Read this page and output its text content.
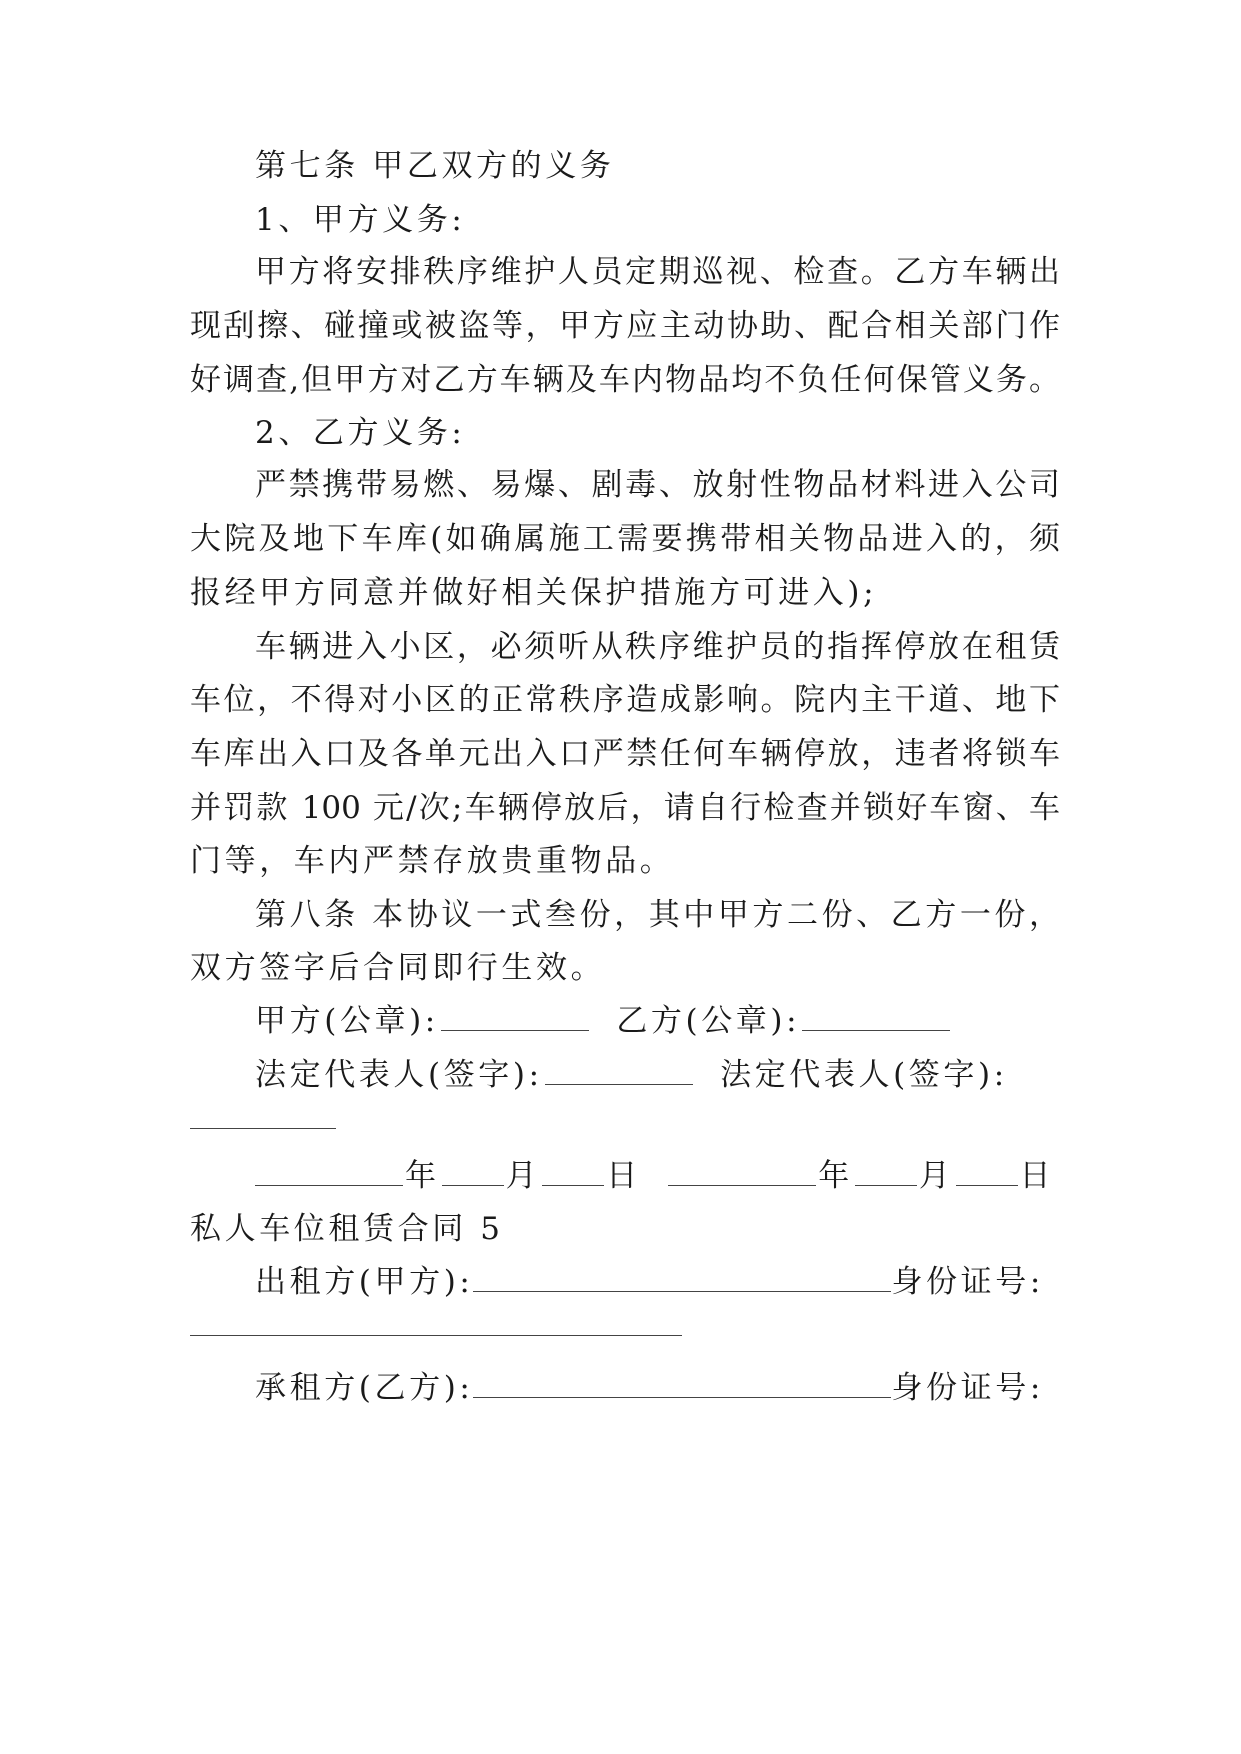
第七条 甲乙双方的义务
1、甲方义务:
甲方将安排秩序维护人员定期巡视、检查。乙方车辆出
现刮擦、碰撞或被盗等，甲方应主动协助、配合相关部门作
好调查,但甲方对乙方车辆及车内物品均不负任何保管义务。
2、乙方义务:
严禁携带易燃、易爆、剧毒、放射性物品材料进入公司
大院及地下车库(如确属施工需要携带相关物品进入的，须
报经甲方同意并做好相关保护措施方可进入);
车辆进入小区，必须听从秩序维护员的指挥停放在租赁
车位，不得对小区的正常秩序造成影响。院内主干道、地下
车库出入口及各单元出入口严禁任何车辆停放，违者将锁车
并罚款 100 元/次;车辆停放后，请自行检查并锁好车窗、车
门等，车内严禁存放贵重物品。
第八条 本协议一式叁份，其中甲方二份、乙方一份，
双方签字后合同即行生效。
甲方(公章):	乙方(公章):
法定代表人(签字):	法定代表人(签字):
年 月 日	年 月 日
私人车位租赁合同 5
出租方(甲方):	身份证号:
承租方(乙方):	身份证号:
